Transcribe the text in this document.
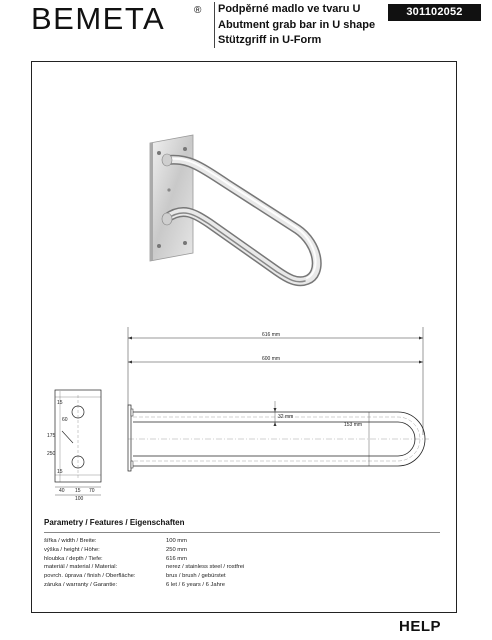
BEMETA	® Podpěrné madlo ve tvaru U
Abutment grab bar in U shape
Stützgriff in U-Form
301102052
616 mm
600 mm
15
60
175
250
15
40 15 70
100
32 mm
153 mm
Parametry / Features / Eigenschaften
šířka / width / Breite:	100 mm
výška / height / Höhe:	250 mm
hloubka / depth / Tiefe:	616 mm
materiál / material / Material:	nerez / stainless steel / rostfrei
povrch. úprava / finish / Oberfläche:	brus / brush / gebürstet
záruka / warranty / Garantie:	6 let / 6 years / 6 Jahre
HELP
